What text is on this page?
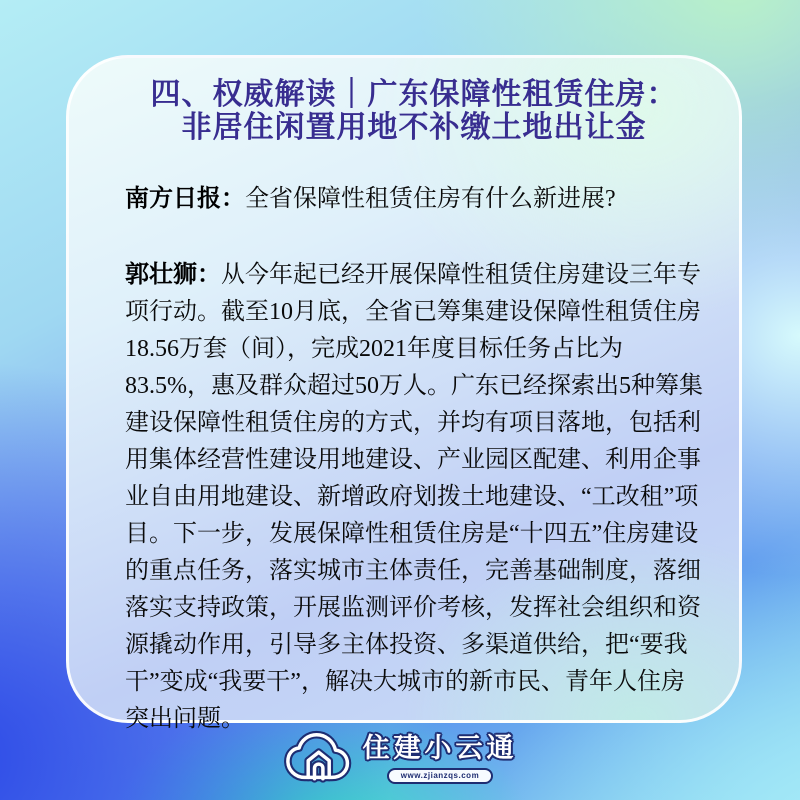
四、权威解读｜广东保障性租赁住房：
非居住闲置用地不补缴土地出让金

南方日报：全省保障性租赁住房有什么新进展?

郭壮狮：从今年起已经开展保障性租赁住房建设三年专项行动。截至10月底，全省已筹集建设保障性租赁住房18.56万套（间），完成2021年度目标任务占比为83.5%，惠及群众超过50万人。广东已经探索出5种筹集建设保障性租赁住房的方式，并均有项目落地，包括利用集体经营性建设用地建设、产业园区配建、利用企事业自由用地建设、新增政府划拨土地建设、“工改租”项目。下一步，发展保障性租赁住房是“十四五”住房建设的重点任务，落实城市主体责任，完善基础制度，落细落实支持政策，开展监测评价考核，发挥社会组织和资源撬动作用，引导多主体投资、多渠道供给，把“要我干”变成“我要干”，解决大城市的新市民、青年人住房突出问题。

住建小云通
www.zjianzqs.com
